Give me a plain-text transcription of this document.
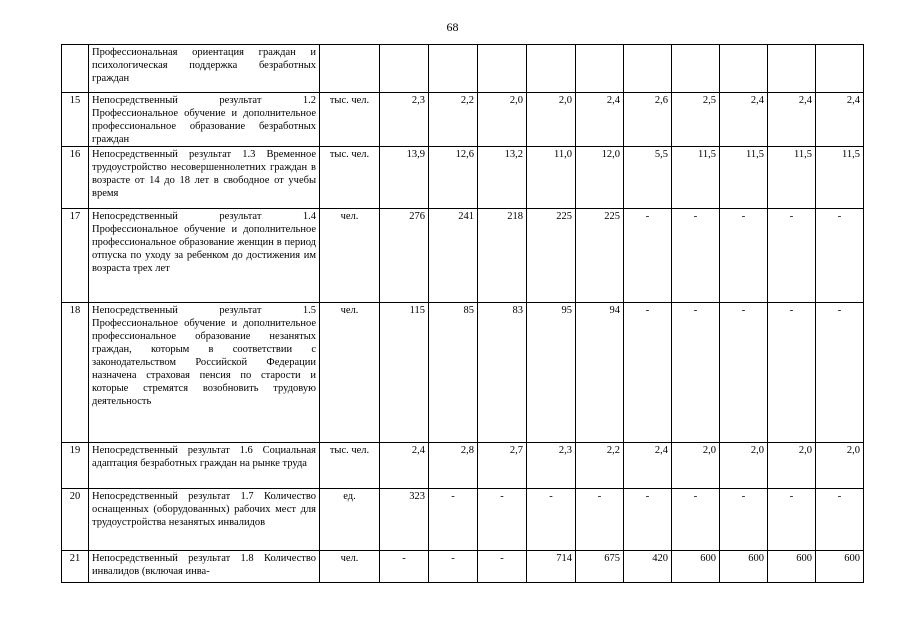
68
	Профессиональная ориентация граждан и психологическая поддержка безработных граждан											
15	Непосредственный результат 1.2 Профессиональное обучение и дополнительное профессиональное образование безработных граждан	тыс. чел.	2,3	2,2	2,0	2,0	2,4	2,6	2,5	2,4	2,4	2,4
16	Непосредственный результат 1.3 Временное трудоустройство несовершеннолетних граждан в возрасте от 14 до 18 лет в свободное от учебы время	тыс. чел.	13,9	12,6	13,2	11,0	12,0	5,5	11,5	11,5	11,5	11,5
17	Непосредственный результат 1.4 Профессиональное обучение и дополнительное профессиональное образование женщин в период отпуска по уходу за ребенком до достижения им возраста трех лет	чел.	276	241	218	225	225	-	-	-	-	-
18	Непосредственный результат 1.5 Профессиональное обучение и дополнительное профессиональное образование незанятых граждан, которым в соответствии с законодательством Российской Федерации назначена страховая пенсия по старости и которые стремятся возобновить трудовую деятельность	чел.	115	85	83	95	94	-	-	-	-	-
19	Непосредственный результат 1.6 Социальная адаптация безработных граждан на рынке труда	тыс. чел.	2,4	2,8	2,7	2,3	2,2	2,4	2,0	2,0	2,0	2,0
20	Непосредственный результат 1.7 Количество оснащенных (оборудованных) рабочих мест для трудоустройства незанятых инвалидов	ед.	323	-	-	-	-	-	-	-	-	-
21	Непосредственный результат 1.8 Количество инвалидов (включая инва-	чел.	-	-	-	714	675	420	600	600	600	600
